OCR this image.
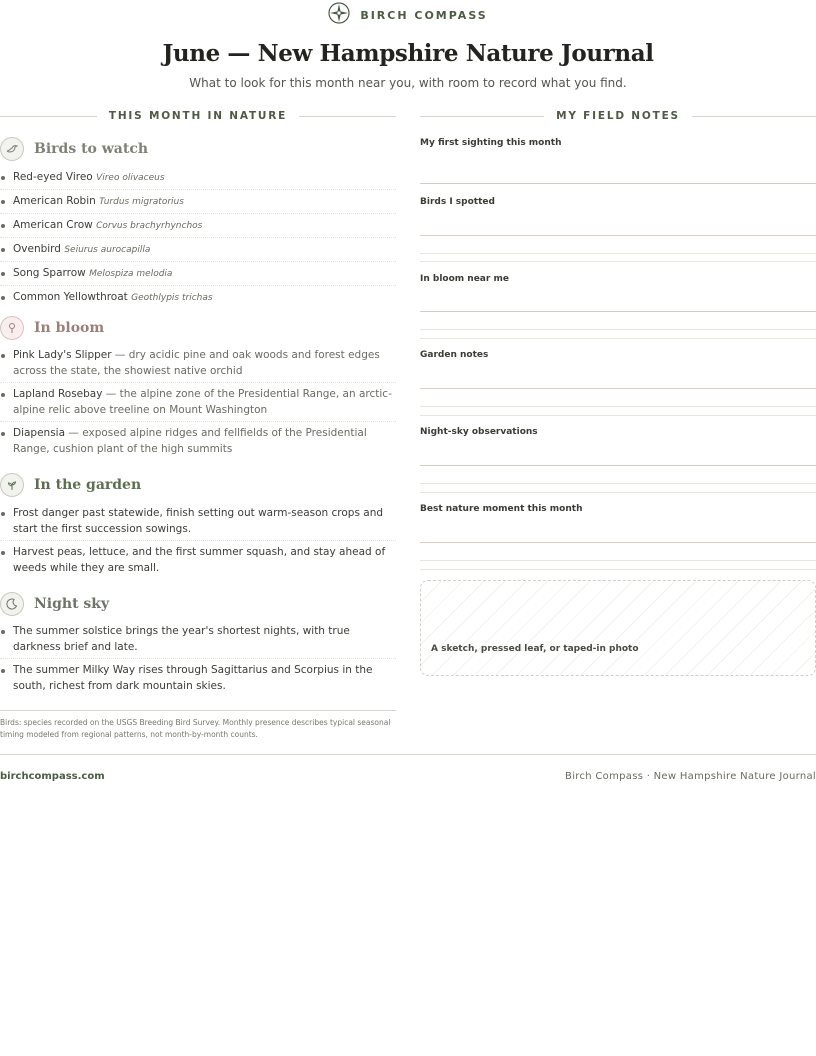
BIRCH COMPASS
June — New Hampshire Nature Journal
What to look for this month near you, with room to record what you find.
THIS MONTH IN NATURE	MY FIELD NOTES
Birds to watch
Red-eyed Vireo Vireo olivaceus
American Robin Turdus migratorius
American Crow Corvus brachyrhynchos
Ovenbird Seiurus aurocapilla
Song Sparrow Melospiza melodia
Common Yellowthroat Geothlypis trichas
In bloom
Pink Lady's Slipper — dry acidic pine and oak woods and forest edges across the state, the showiest native orchid
Lapland Rosebay — the alpine zone of the Presidential Range, an arctic-alpine relic above treeline on Mount Washington
Diapensia — exposed alpine ridges and fellfields of the Presidential Range, cushion plant of the high summits
In the garden
Frost danger past statewide, finish setting out warm-season crops and start the first succession sowings.
Harvest peas, lettuce, and the first summer squash, and stay ahead of weeds while they are small.
Night sky
The summer solstice brings the year's shortest nights, with true darkness brief and late.
The summer Milky Way rises through Sagittarius and Scorpius in the south, richest from dark mountain skies.
Birds: species recorded on the USGS Breeding Bird Survey. Monthly presence describes typical seasonal timing modeled from regional patterns, not month-by-month counts.
My first sighting this month
Birds I spotted
In bloom near me
Garden notes
Night-sky observations
Best nature moment this month
A sketch, pressed leaf, or taped-in photo
birchcompass.com	Birch Compass · New Hampshire Nature Journal
